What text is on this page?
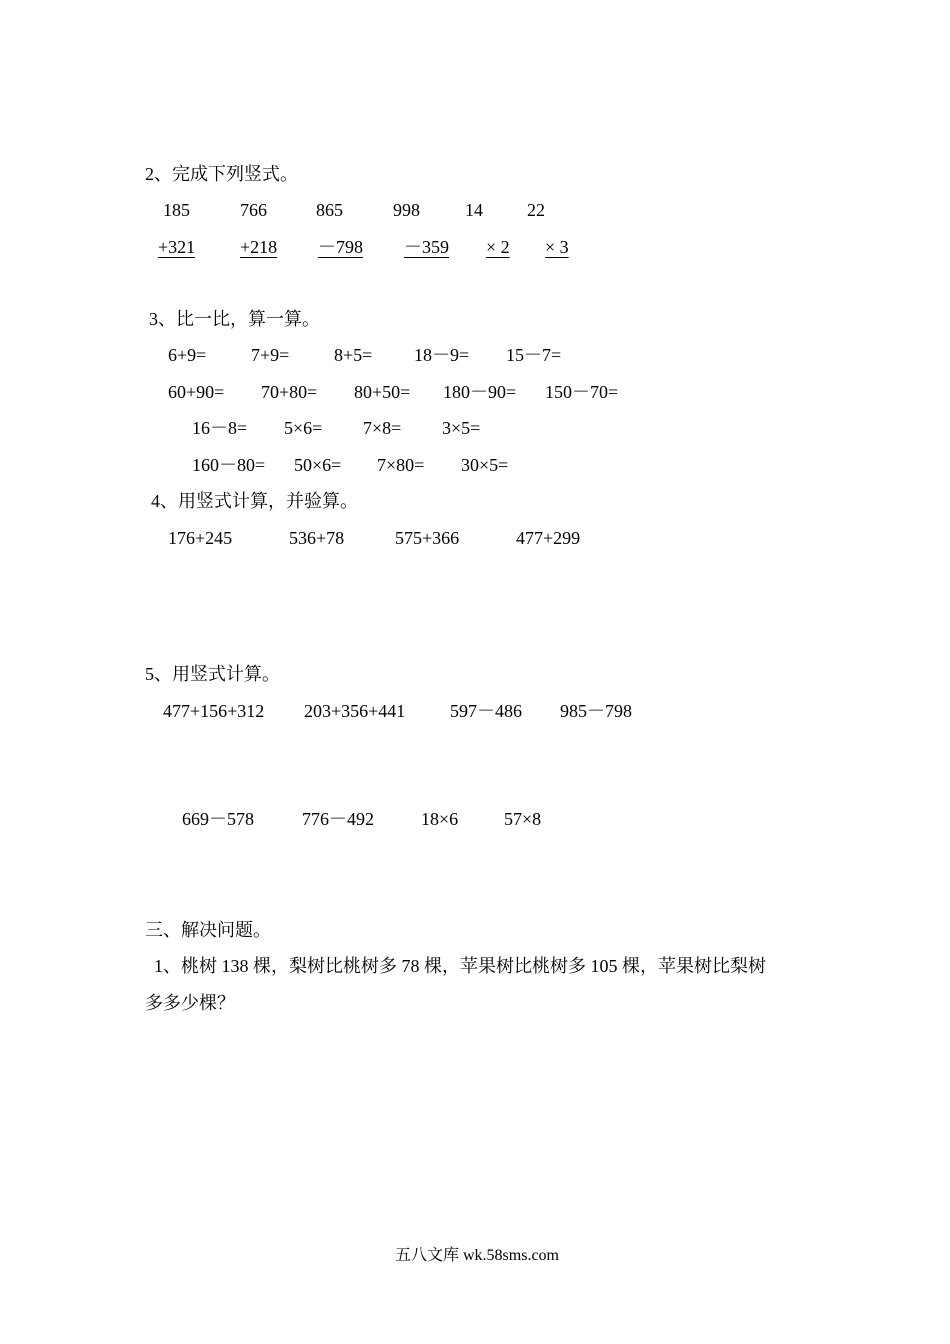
2、完成下列竖式。
185	766	865	998	14 22
+321 +218 －798 －359 × 2 × 3
3、比一比，算一算。
6+9= 7+9= 8+5= 18－9= 15－7=
60+90= 70+80= 80+50= 180－90= 150－70=
16－8= 5×6= 7×8= 3×5=
160－80= 50×6= 7×80= 30×5=
4、用竖式计算，并验算。
176+245	536+78	575+366	477+299
5、用竖式计算。
477+156+312 203+356+441 597－486 985－798
669－578	776－492	18×6	57×8
三、解决问题。
1、桃树 138 棵，梨树比桃树多 78 棵，苹果树比桃树多 105 棵，苹果树比梨树
多多少棵？
五八文库 wk.58sms.com
